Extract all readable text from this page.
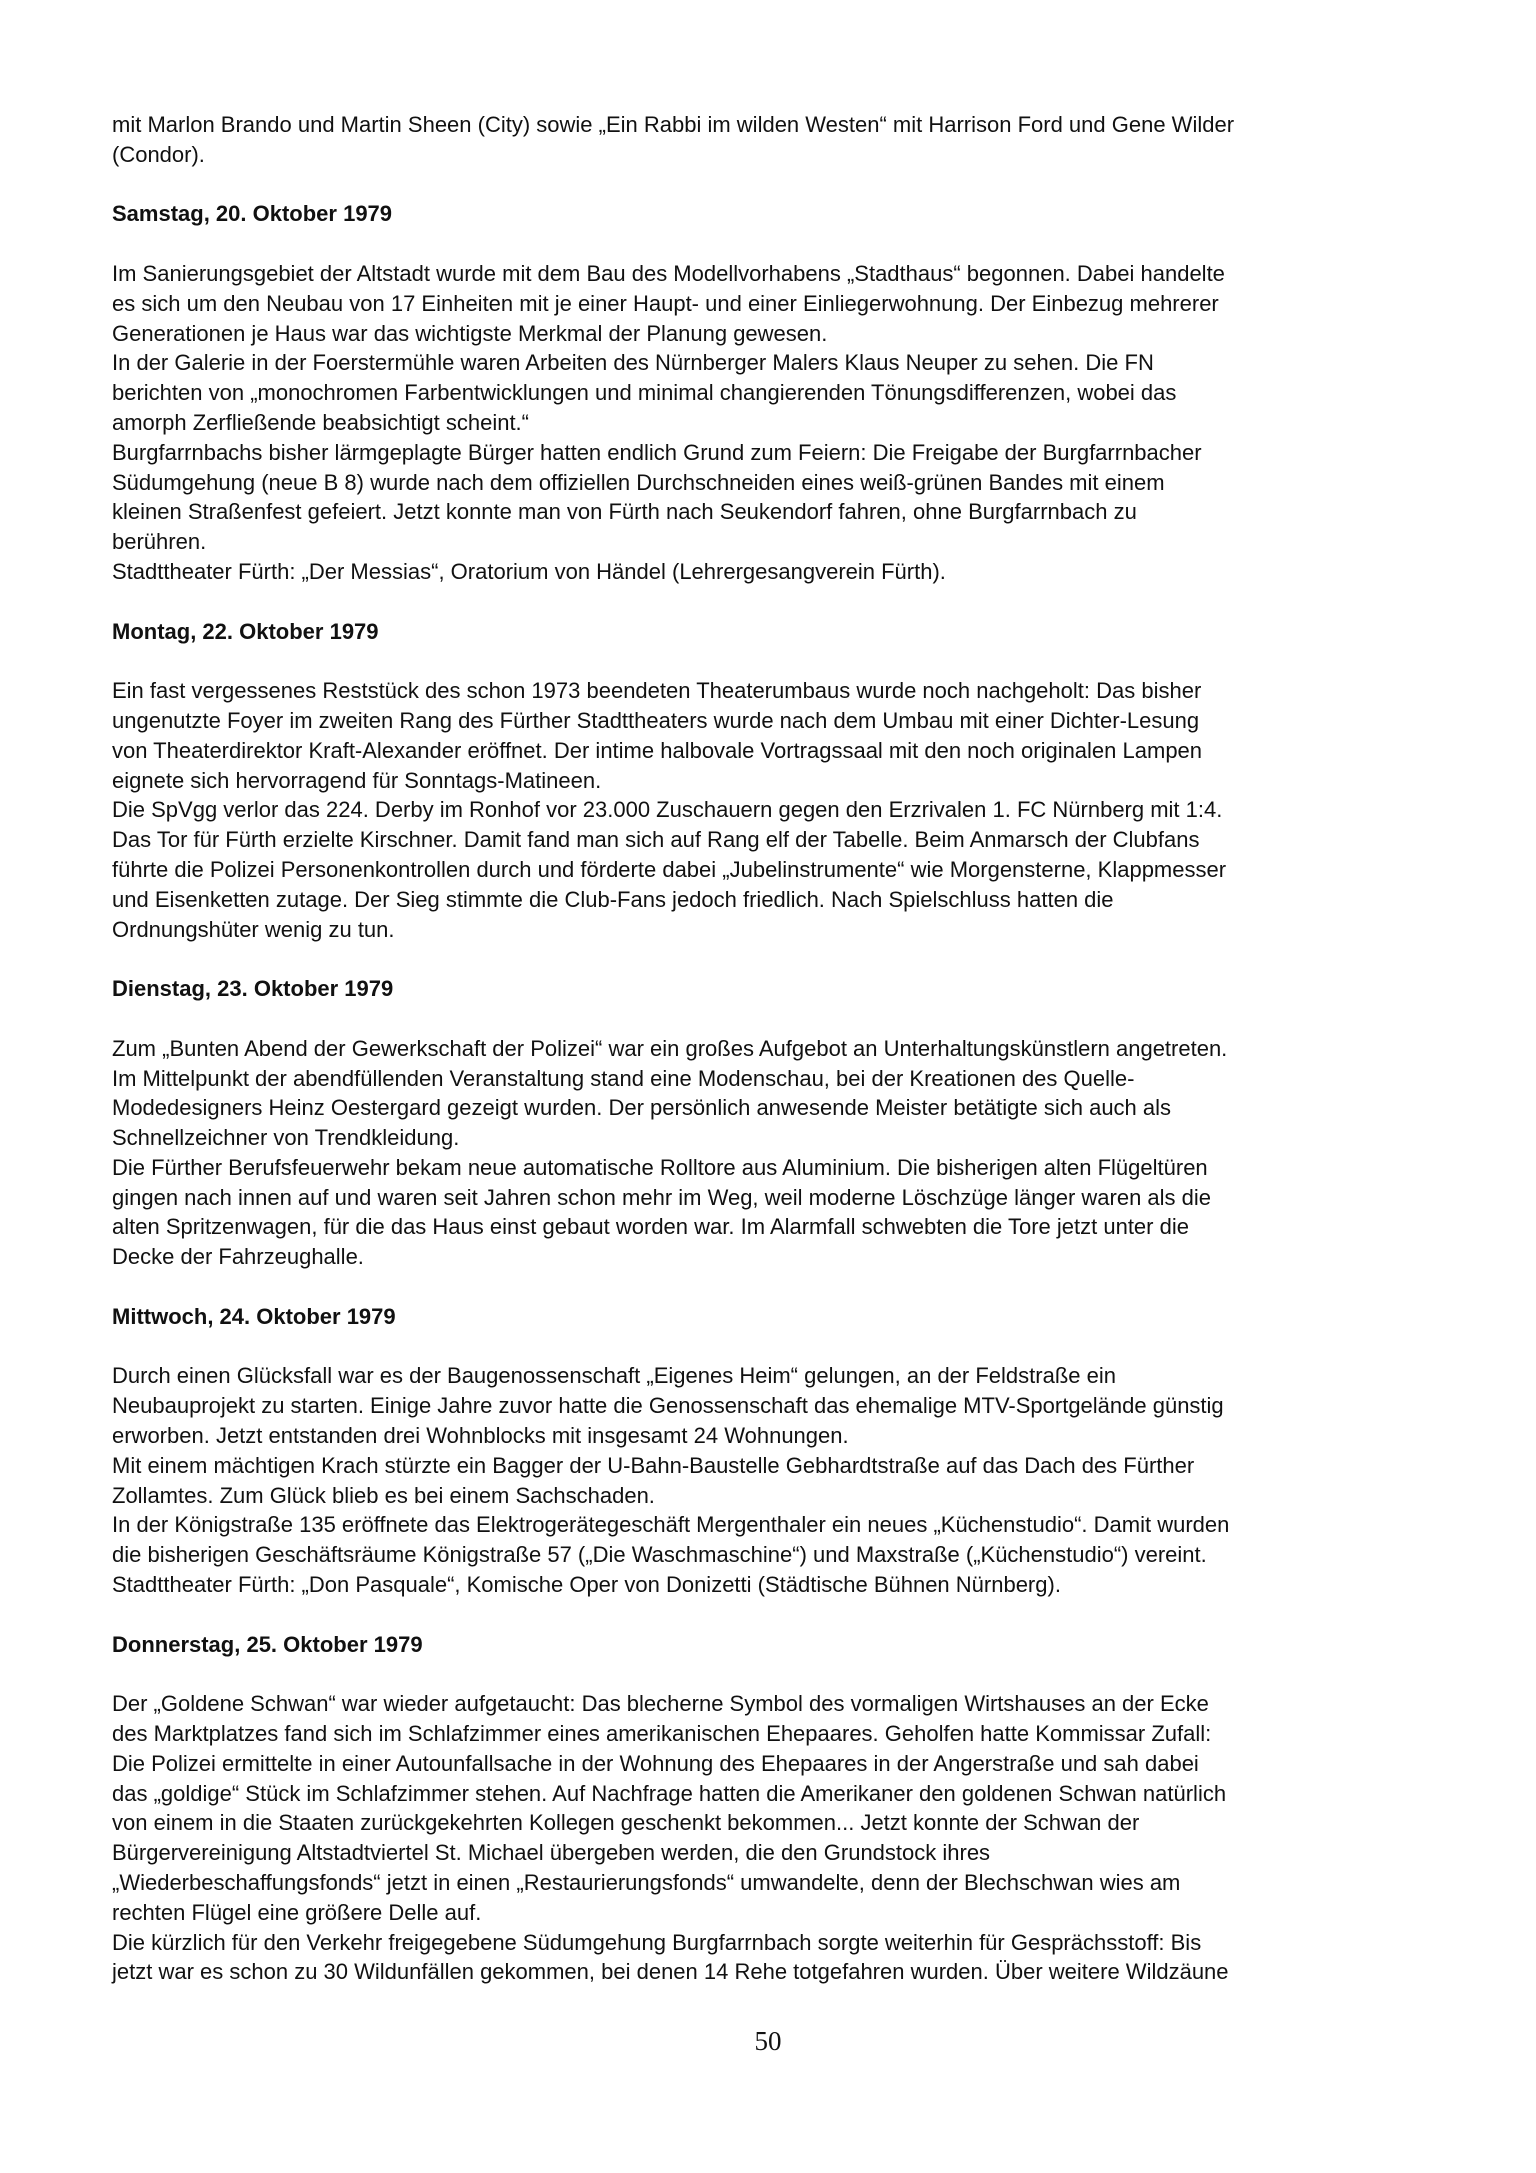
mit Marlon Brando und Martin Sheen (City) sowie „Ein Rabbi im wilden Westen“ mit Harrison Ford und Gene Wilder
(Condor).
Samstag, 20. Oktober 1979
Im Sanierungsgebiet der Altstadt wurde mit dem Bau des Modellvorhabens „Stadthaus“ begonnen. Dabei handelte
es sich um den Neubau von 17 Einheiten mit je einer Haupt- und einer Einliegerwohnung. Der Einbezug mehrerer
Generationen je Haus war das wichtigste Merkmal der Planung gewesen.
In der Galerie in der Foerstermühle waren Arbeiten des Nürnberger Malers Klaus Neuper zu sehen. Die FN
berichten von „monochromen Farbentwicklungen und minimal changierenden Tönungsdifferenzen, wobei das
amorph Zerfließende beabsichtigt scheint.“
Burgfarrnbachs bisher lärmgeplagte Bürger hatten endlich Grund zum Feiern: Die Freigabe der Burgfarrnbacher
Südumgehung (neue B 8) wurde nach dem offiziellen Durchschneiden eines weiß-grünen Bandes mit einem
kleinen Straßenfest gefeiert. Jetzt konnte man von Fürth nach Seukendorf fahren, ohne Burgfarrnbach zu
berühren.
Stadttheater Fürth: „Der Messias“, Oratorium von Händel (Lehrergesangverein Fürth).
Montag, 22. Oktober 1979
Ein fast vergessenes Reststück des schon 1973 beendeten Theaterumbaus wurde noch nachgeholt: Das bisher
ungenutzte Foyer im zweiten Rang des Fürther Stadttheaters wurde nach dem Umbau mit einer Dichter-Lesung
von Theaterdirektor Kraft-Alexander eröffnet. Der intime halbovale Vortragssaal mit den noch originalen Lampen
eignete sich hervorragend für Sonntags-Matineen.
Die SpVgg verlor das 224. Derby im Ronhof vor 23.000 Zuschauern gegen den Erzrivalen 1. FC Nürnberg mit 1:4.
Das Tor für Fürth erzielte Kirschner. Damit fand man sich auf Rang elf der Tabelle. Beim Anmarsch der Clubfans
führte die Polizei Personenkontrollen durch und förderte dabei „Jubelinstrumente“ wie Morgensterne, Klappmesser
und Eisenketten zutage. Der Sieg stimmte die Club-Fans jedoch friedlich. Nach Spielschluss hatten die
Ordnungshüter wenig zu tun.
Dienstag, 23. Oktober 1979
Zum „Bunten Abend der Gewerkschaft der Polizei“ war ein großes Aufgebot an Unterhaltungskünstlern angetreten.
Im Mittelpunkt der abendfüllenden Veranstaltung stand eine Modenschau, bei der Kreationen des Quelle-
Modedesigners Heinz Oestergard gezeigt wurden. Der persönlich anwesende Meister betätigte sich auch als
Schnellzeichner von Trendkleidung.
Die Fürther Berufsfeuerwehr bekam neue automatische Rolltore aus Aluminium. Die bisherigen alten Flügeltüren
gingen nach innen auf und waren seit Jahren schon mehr im Weg, weil moderne Löschzüge länger waren als die
alten Spritzenwagen, für die das Haus einst gebaut worden war. Im Alarmfall schwebten die Tore jetzt unter die
Decke der Fahrzeughalle.
Mittwoch, 24. Oktober 1979
Durch einen Glücksfall war es der Baugenossenschaft „Eigenes Heim“ gelungen, an der Feldstraße ein
Neubauprojekt zu starten. Einige Jahre zuvor hatte die Genossenschaft das ehemalige MTV-Sportgelände günstig
erworben. Jetzt entstanden drei Wohnblocks mit insgesamt 24 Wohnungen.
Mit einem mächtigen Krach stürzte ein Bagger der U-Bahn-Baustelle Gebhardtstraße auf das Dach des Fürther
Zollamtes. Zum Glück blieb es bei einem Sachschaden.
In der Königstraße 135 eröffnete das Elektrogerätegeschäft Mergenthaler ein neues „Küchenstudio“. Damit wurden
die bisherigen Geschäftsräume Königstraße 57 („Die Waschmaschine“) und Maxstraße („Küchenstudio“) vereint.
Stadttheater Fürth: „Don Pasquale“, Komische Oper von Donizetti (Städtische Bühnen Nürnberg).
Donnerstag, 25. Oktober 1979
Der „Goldene Schwan“ war wieder aufgetaucht: Das blecherne Symbol des vormaligen Wirtshauses an der Ecke
des Marktplatzes fand sich im Schlafzimmer eines amerikanischen Ehepaares. Geholfen hatte Kommissar Zufall:
Die Polizei ermittelte in einer Autounfallsache in der Wohnung des Ehepaares in der Angerstraße und sah dabei
das „goldige“ Stück im Schlafzimmer stehen. Auf Nachfrage hatten die Amerikaner den goldenen Schwan natürlich
von einem in die Staaten zurückgekehrten Kollegen geschenkt bekommen... Jetzt konnte der Schwan der
Bürgervereinigung Altstadtviertel St. Michael übergeben werden, die den Grundstock ihres
„Wiederbeschaffungsfonds“ jetzt in einen „Restaurierungsfonds“ umwandelte, denn der Blechschwan wies am
rechten Flügel eine größere Delle auf.
Die kürzlich für den Verkehr freigegebene Südumgehung Burgfarrnbach sorgte weiterhin für Gesprächsstoff: Bis
jetzt war es schon zu 30 Wildunfällen gekommen, bei denen 14 Rehe totgefahren wurden. Über weitere Wildzäune
50
